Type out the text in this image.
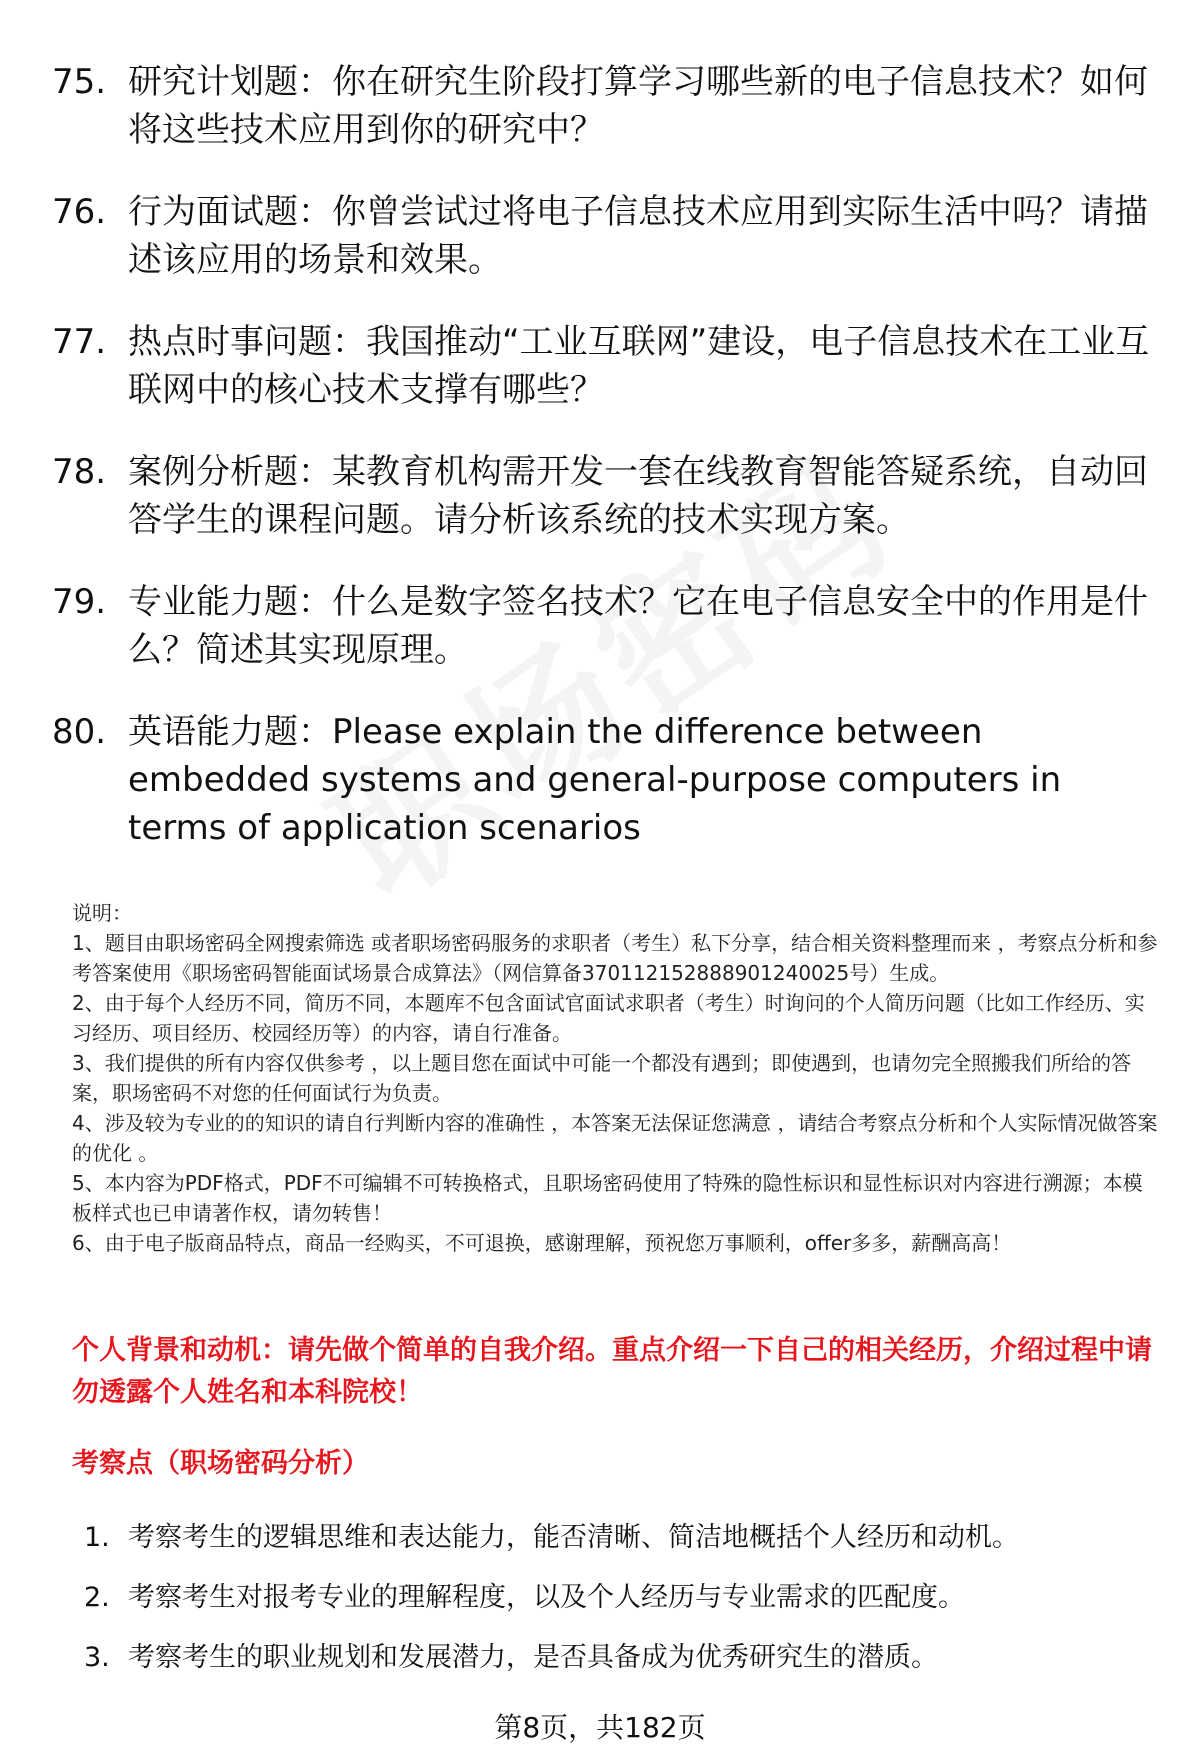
75. 研究计划题：你在研究生阶段打算学习哪些新的电子信息技术？如何将这些技术应用到你的研究中？
76. 行为面试题：你曾尝试过将电子信息技术应用到实际生活中吗？请描述该应用的场景和效果。
77. 热点时事问题：我国推动“工业互联网”建设，电子信息技术在工业互联网中的核心技术支撑有哪些？
78. 案例分析题：某教育机构需开发一套在线教育智能答疑系统，自动回答学生的课程问题。请分析该系统的技术实现方案。
79. 专业能力题：什么是数字签名技术？它在电子信息安全中的作用是什么？简述其实现原理。
80. 英语能力题：Please explain the difference between embedded systems and general-purpose computers in terms of application scenarios

说明：

1、题目由职场密码全网搜索筛选 或者职场密码服务的求职者（考生）私下分享，结合相关资料整理而来 ，考察点分析和参考答案使用《职场密码智能面试场景合成算法》（网信算备370112152888901240025号）生成。

2、由于每个人经历不同，简历不同，本题库不包含面试官面试求职者（考生）时询问的个人简历问题（比如工作经历、实习经历、项目经历、校园经历等）的内容，请自行准备。

3、我们提供的所有内容仅供参考 ，以上题目您在面试中可能一个都没有遇到；即使遇到，也请勿完全照搬我们所给的答案，职场密码不对您的任何面试行为负责。

4、涉及较为专业的的知识的请自行判断内容的准确性 ，本答案无法保证您满意 ，请结合考察点分析和个人实际情况做答案的优化 。

5、本内容为PDF格式，PDF不可编辑不可转换格式，且职场密码使用了特殊的隐性标识和显性标识对内容进行溯源；本模板样式也已申请著作权，请勿转售！

6、由于电子版商品特点，商品一经购买，不可退换，感谢理解，预祝您万事顺利，offer多多，薪酬高高！

个人背景和动机：请先做个简单的自我介绍。重点介绍一下自己的相关经历，介绍过程中请勿透露个人姓名和本科院校！
考察点（职场密码分析）
1. 考察考生的逻辑思维和表达能力，能否清晰、简洁地概括个人经历和动机。
2. 考察考生对报考专业的理解程度，以及个人经历与专业需求的匹配度。
3. 考察考生的职业规划和发展潜力，是否具备成为优秀研究生的潜质。
第8页，共182页
